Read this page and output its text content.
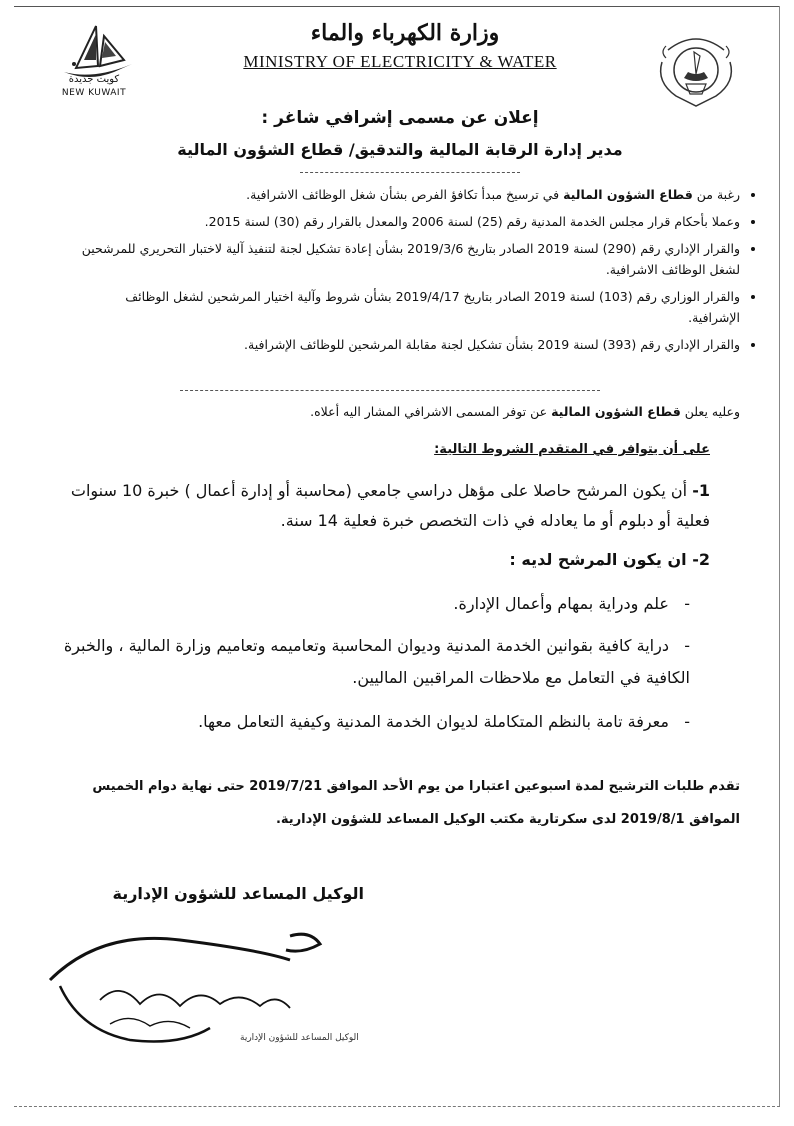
كويت جديدة
NEW KUWAIT
وزارة الكهرباء والماء
MINISTRY OF ELECTRICITY & WATER
إعلان عن مسمى إشرافي شاغر :
مدير إدارة الرقابة المالية والتدقيق/ قطاع الشؤون المالية
• رغبة من قطاع الشؤون المالية في ترسيخ مبدأ تكافؤ الفرص بشأن شغل الوظائف الاشرافية.
• وعملا بأحكام قرار مجلس الخدمة المدنية رقم (25) لسنة 2006 والمعدل بالقرار رقم (30) لسنة 2015.
• والقرار الإداري رقم (290) لسنة 2019 الصادر بتاريخ 2019/3/6 بشأن إعادة تشكيل لجنة لتنفيذ آلية لاختبار التحريري للمرشحين لشغل الوظائف الاشرافية.
• والقرار الوزاري رقم (103) لسنة 2019 الصادر بتاريخ 2019/4/17 بشأن شروط وآلية اختيار المرشحين لشغل الوظائف الإشرافية.
• والقرار الإداري رقم (393) لسنة 2019 بشأن تشكيل لجنة مقابلة المرشحين للوظائف الإشرافية.
وعليه يعلن قطاع الشؤون المالية عن توفر المسمى الاشرافي المشار اليه أعلاه.
على أن يتوافر في المتقدم الشروط التالية:
1- أن يكون المرشح حاصلا على مؤهل دراسي جامعي (محاسبة أو إدارة أعمال ) خبرة 10 سنوات فعلية أو دبلوم أو ما يعادله في ذات التخصص خبرة فعلية 14 سنة.
2- ان يكون المرشح لديه :
-   علم ودراية بمهام وأعمال الإدارة.
-   دراية كافية بقوانين الخدمة المدنية وديوان المحاسبة وتعاميمه وتعاميم وزارة المالية ، والخبرة الكافية في التعامل مع ملاحظات المراقبين الماليين.
-   معرفة تامة بالنظم المتكاملة لديوان الخدمة المدنية وكيفية التعامل معها.
تقدم طلبات الترشيح لمدة اسبوعين اعتبارا من يوم الأحد الموافق 2019/7/21 حتى نهاية دوام الخميس الموافق 2019/8/1 لدى سكرتارية مكتب الوكيل المساعد للشؤون الإدارية.
الوكيل المساعد للشؤون الإدارية
الوكيل المساعد للشؤون الإدارية
